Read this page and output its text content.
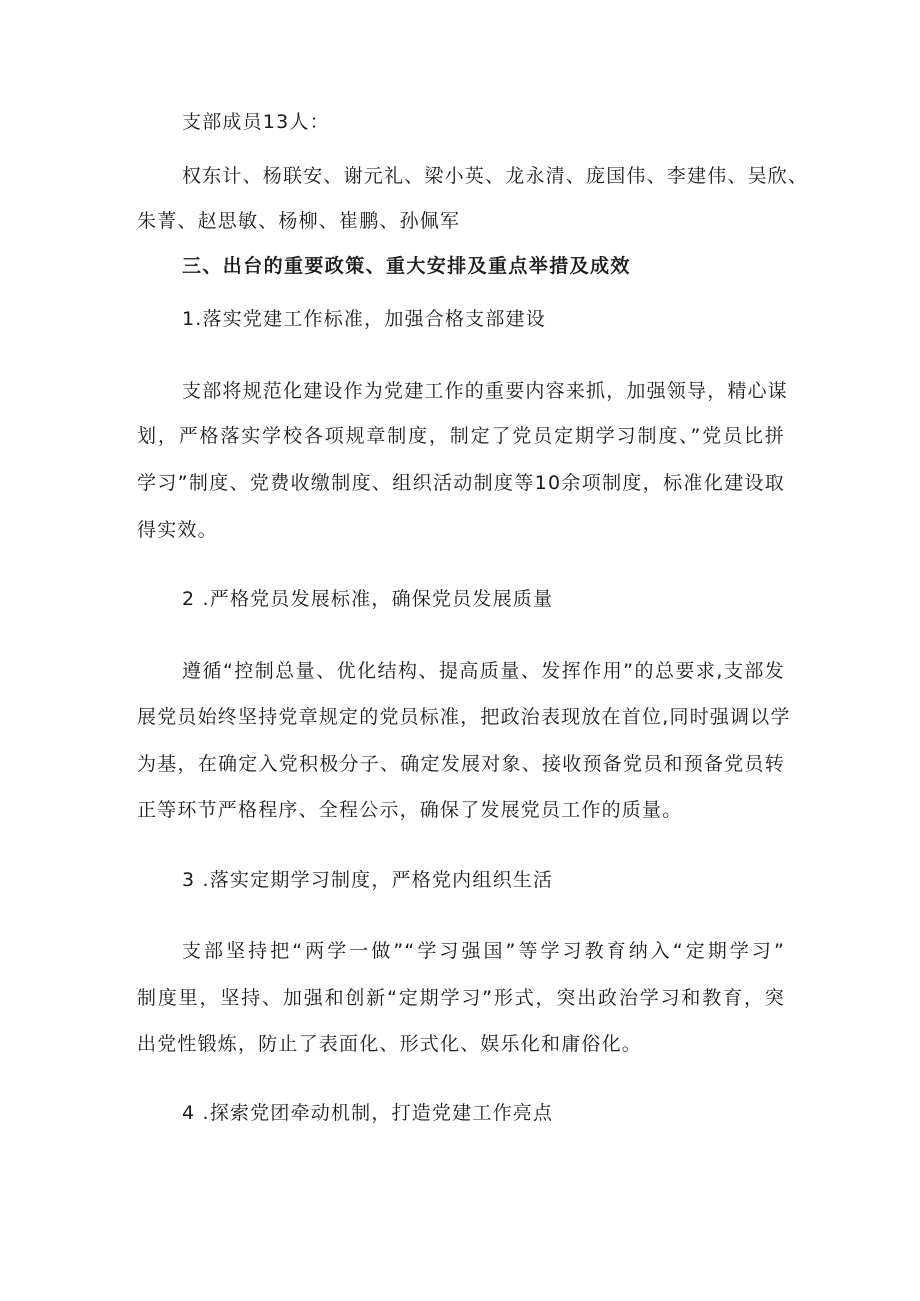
支部成员13人：
权东计、杨联安、谢元礼、梁小英、龙永清、庞国伟、李建伟、吴欣、
朱菁、赵思敏、杨柳、崔鹏、孙佩军
三、出台的重要政策、重大安排及重点举措及成效
1.落实党建工作标准，加强合格支部建设
支部将规范化建设作为党建工作的重要内容来抓，加强领导，精心谋
划，严格落实学校各项规章制度，制定了党员定期学习制度、”党员比拼
学习”制度、党费收缴制度、组织活动制度等10余项制度，标准化建设取
得实效。
2 .严格党员发展标准，确保党员发展质量
遵循“控制总量、优化结构、提高质量、发挥作用”的总要求,支部发
展党员始终坚持党章规定的党员标准，把政治表现放在首位,同时强调以学
为基，在确定入党积极分子、确定发展对象、接收预备党员和预备党员转
正等环节严格程序、全程公示，确保了发展党员工作的质量。
3 .落实定期学习制度，严格党内组织生活
支部坚持把“两学一做”“学习强国”等学习教育纳入“定期学习”
制度里，坚持、加强和创新“定期学习”形式，突出政治学习和教育，突
出党性锻炼，防止了表面化、形式化、娱乐化和庸俗化。
4 .探索党团牵动机制，打造党建工作亮点
